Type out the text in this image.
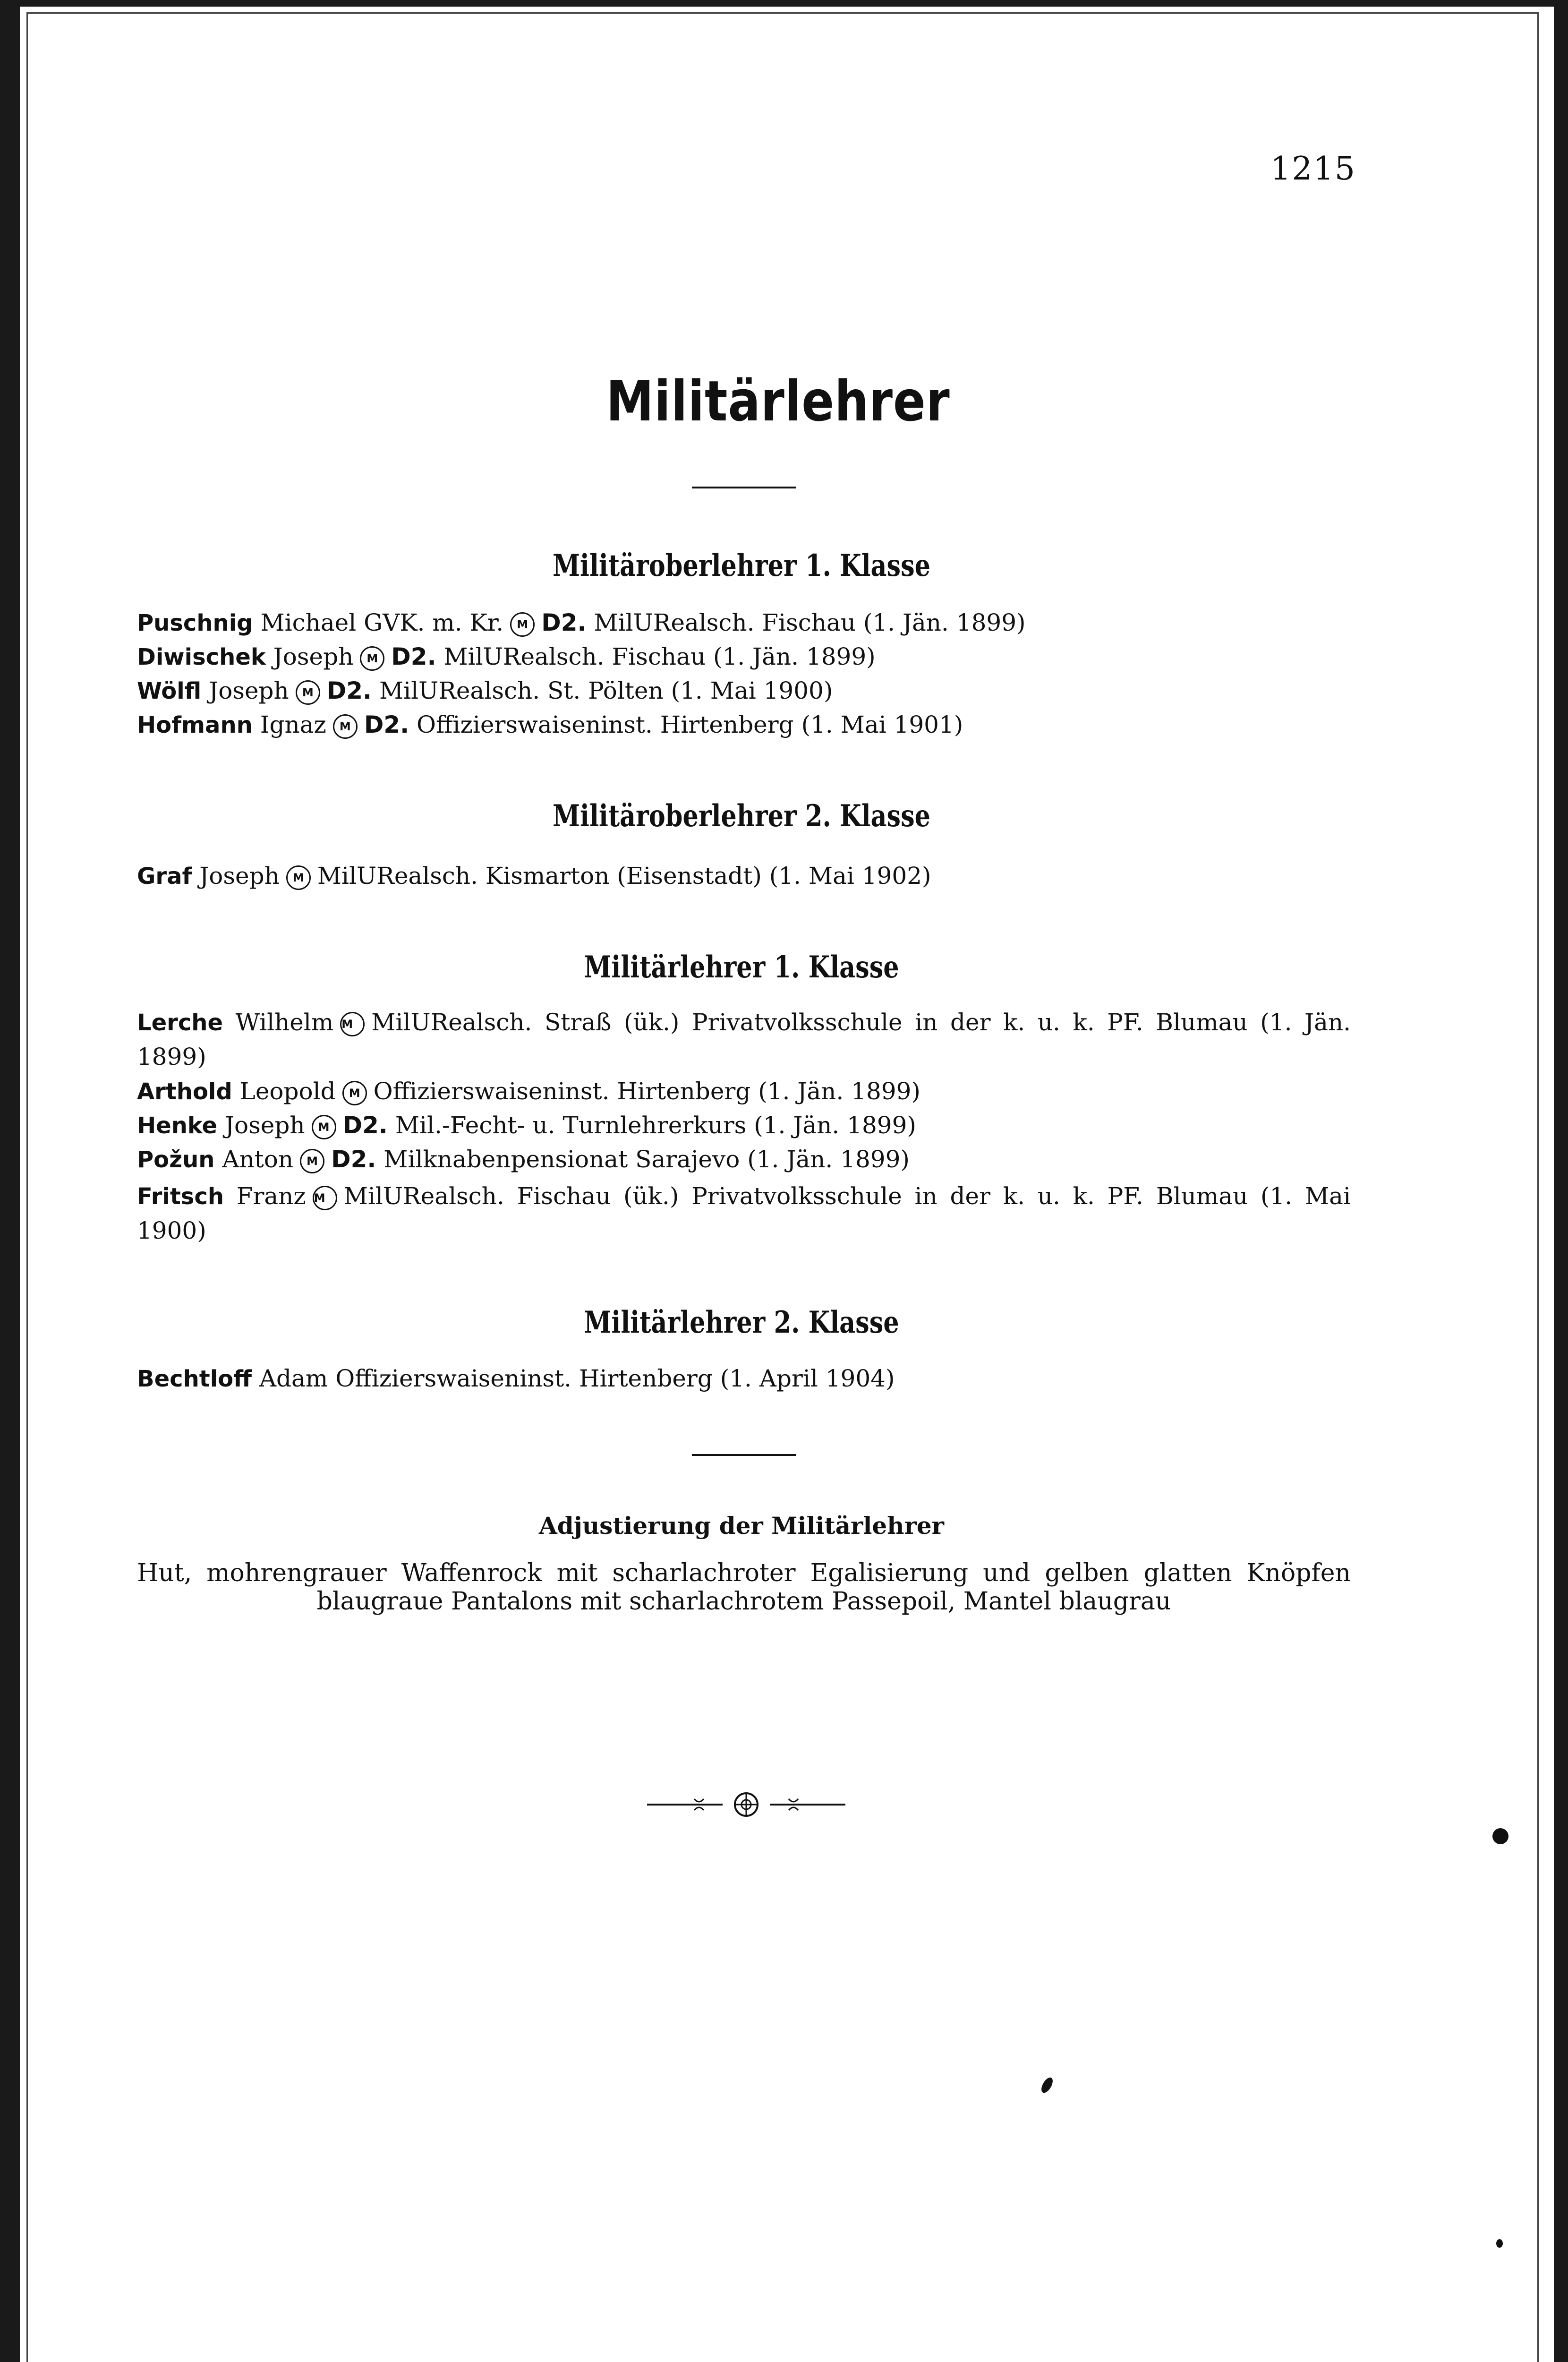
1215
Militärlehrer
Militäroberlehrer 1. Klasse
Puschnig Michael GVK. m. Kr. M D2. MilURealsch. Fischau (1. Jän. 1899)
Diwischek Joseph M D2. MilURealsch. Fischau (1. Jän. 1899)
Wölfl Joseph M D2. MilURealsch. St. Pölten (1. Mai 1900)
Hofmann Ignaz M D2. Offizierswaiseninst. Hirtenberg (1. Mai 1901)
Militäroberlehrer 2. Klasse
Graf Joseph M MilURealsch. Kismarton (Eisenstadt) (1. Mai 1902)
Militärlehrer 1. Klasse
Lerche Wilhelm M MilURealsch. Straß (ük.) Privatvolksschule in der k. u. k. PF. Blumau (1. Jän. 1899)
Arthold Leopold M Offizierswaiseninst. Hirtenberg (1. Jän. 1899)
Henke Joseph M D2. Mil.-Fecht- u. Turnlehrerkurs (1. Jän. 1899)
Požun Anton M D2. Milknabenpensionat Sarajevo (1. Jän. 1899)
Fritsch Franz M MilURealsch. Fischau (ük.) Privatvolksschule in der k. u. k. PF. Blumau (1. Mai 1900)
Militärlehrer 2. Klasse
Bechtloff Adam Offizierswaiseninst. Hirtenberg (1. April 1904)
Adjustierung der Militärlehrer
Hut, mohrengrauer Waffenrock mit scharlachroter Egalisierung und gelben glatten Knöpfen blaugraue Pantalons mit scharlachrotem Passepoil, Mantel blaugrau
